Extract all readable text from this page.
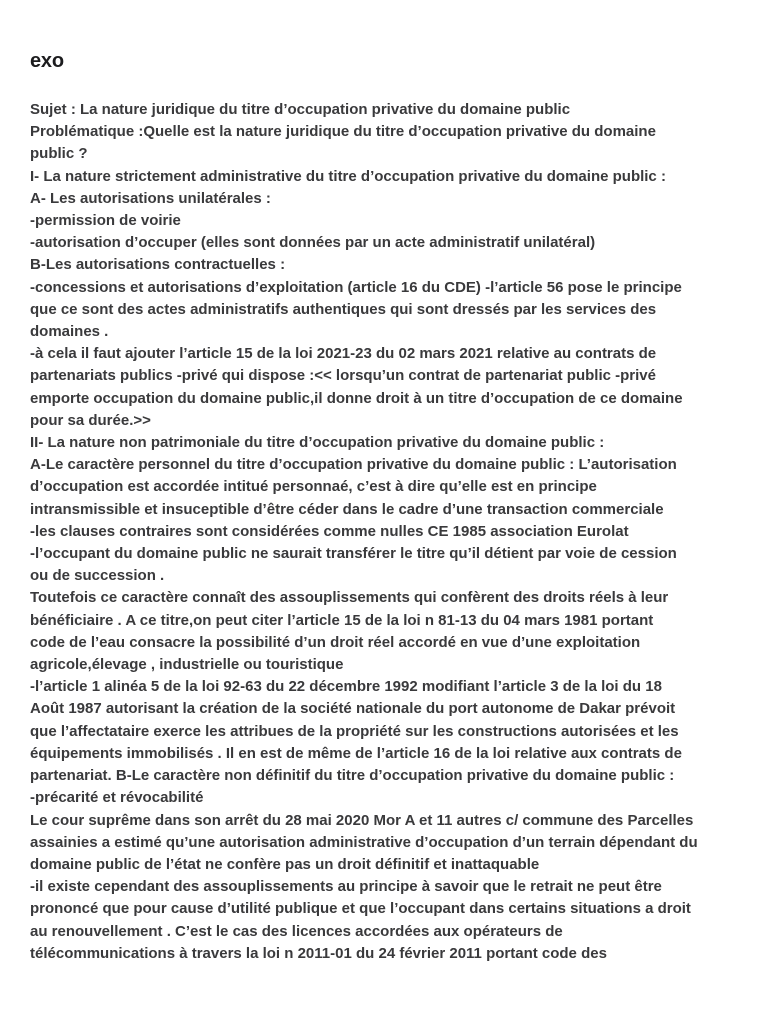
exo
Sujet : La nature juridique du titre d’occupation privative du domaine public
Problématique :Quelle est la nature juridique du titre d’occupation privative du domaine
public ?
I- La nature strictement administrative du titre d’occupation privative du domaine public :
A- Les autorisations unilatérales :
-permission de voirie
-autorisation d’occuper (elles sont données par un acte administratif unilatéral)
B-Les autorisations contractuelles :
-concessions et autorisations d’exploitation (article 16 du CDE) -l’article 56 pose le principe
que ce sont des actes administratifs authentiques qui sont dressés par les services des
domaines .
-à cela il faut ajouter l’article 15 de la loi 2021-23 du 02 mars 2021 relative au contrats de
partenariats publics -privé qui dispose :<< lorsqu’un contrat de partenariat public -privé
emporte occupation du domaine public,il donne droit à un titre d’occupation de ce domaine
pour sa durée.>>
II- La nature non patrimoniale du titre d’occupation privative du domaine public :
A-Le caractère personnel du titre d’occupation privative du domaine public : L’autorisation
d’occupation est accordée intitué personnaé, c’est à dire qu’elle est en principe
intransmissible et insuceptible d’être céder dans le cadre d’une transaction commerciale
-les clauses contraires sont considérées comme nulles CE 1985 association Eurolat
-l’occupant du domaine public ne saurait transférer le titre qu’il détient par voie de cession
ou de succession .
Toutefois ce caractère connaît des assouplissements qui confèrent des droits réels à leur
bénéficiaire . A ce titre,on peut citer l’article 15 de la loi n 81-13 du 04 mars 1981 portant
code de l’eau consacre la possibilité d’un droit réel accordé en vue d’une exploitation
agricole,élevage , industrielle ou touristique
-l’article 1 alinéa 5 de la loi 92-63 du 22 décembre 1992 modifiant l’article 3 de la loi du 18
Août 1987 autorisant la création de la société nationale du port autonome de Dakar prévoit
que l’affectataire exerce les attribues de la propriété sur les constructions autorisées et les
équipements immobilisés . Il en est de même de l’article 16 de la loi relative aux contrats de
partenariat. B-Le caractère non définitif du titre d’occupation privative du domaine public :
-précarité et révocabilité
Le cour suprême dans son arrêt du 28 mai 2020 Mor A et 11 autres c/ commune des Parcelles
assainies a estimé qu’une autorisation administrative d’occupation d’un terrain dépendant du
domaine public de l’état ne confère pas un droit définitif et inattaquable
-il existe cependant des assouplissements au principe à savoir que le retrait ne peut être
prononcé que pour cause d’utilité publique et que l’occupant dans certains situations a droit
au renouvellement . C’est le cas des licences accordées aux opérateurs de
télécommunications à travers la loi n 2011-01 du 24 février 2011 portant code des
